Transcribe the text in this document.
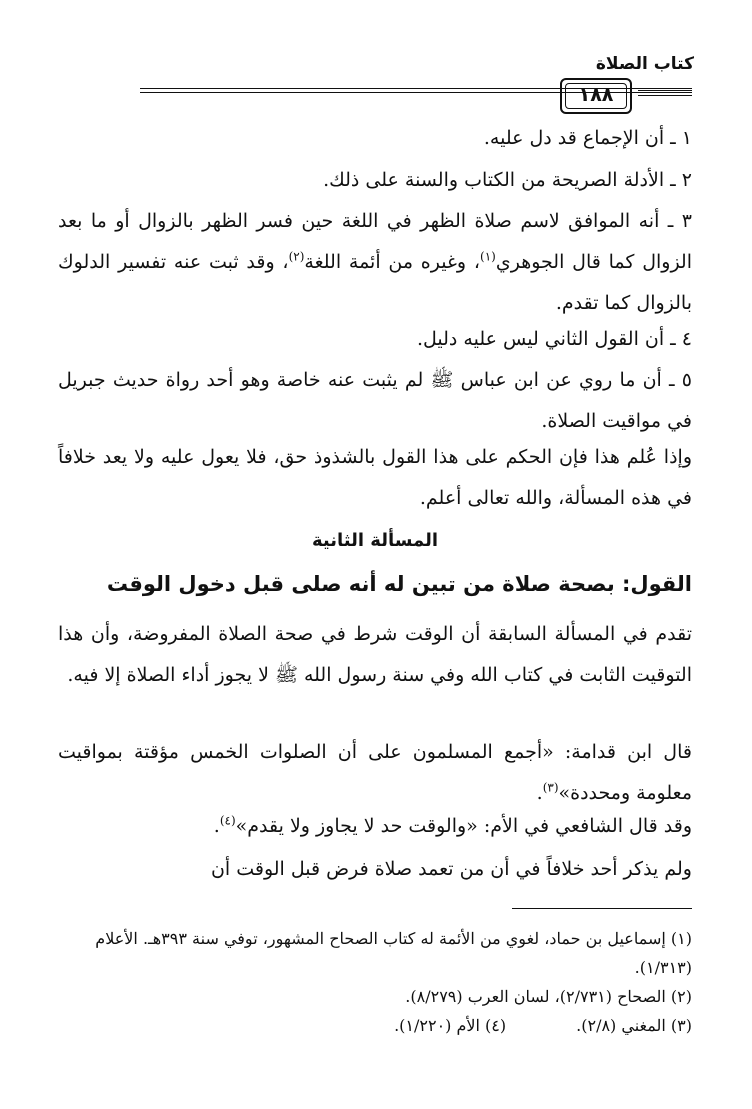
كتاب الصلاة
١٨٨

١ ـ أن الإجماع قد دل عليه.

٢ ـ الأدلة الصريحة من الكتاب والسنة على ذلك.

٣ ـ أنه الموافق لاسم صلاة الظهر في اللغة حين فسر الظهر بالزوال أو ما بعد الزوال كما قال الجوهري$^{(١)}$، وغيره من أئمة اللغة$^{(٢)}$، وقد ثبت عنه تفسير الدلوك بالزوال كما تقدم.

٤ ـ أن القول الثاني ليس عليه دليل.

٥ ـ أن ما روي عن ابن عباس ﷺ لم يثبت عنه خاصة وهو أحد رواة حديث جبريل في مواقيت الصلاة.

وإذا عُلم هذا فإن الحكم على هذا القول بالشذوذ حق، فلا يعول عليه ولا يعد خلافاً في هذه المسألة، والله تعالى أعلم.

المسألة الثانية
القول: بصحة صلاة من تبين له أنه صلى قبل دخول الوقت

تقدم في المسألة السابقة أن الوقت شرط في صحة الصلاة المفروضة، وأن هذا التوقيت الثابت في كتاب الله وفي سنة رسول الله ﷺ لا يجوز أداء الصلاة إلا فيه.

قال ابن قدامة: «أجمع المسلمون على أن الصلوات الخمس مؤقتة بمواقيت معلومة ومحددة»$^{(٣)}$.

وقد قال الشافعي في الأم: «والوقت حد لا يجاوز ولا يقدم»$^{(٤)}$.

ولم يذكر أحد خلافاً في أن من تعمد صلاة فرض قبل الوقت أن

(١) إسماعيل بن حماد، لغوي من الأئمة له كتاب الصحاح المشهور، توفي سنة ٣٩٣هـ. الأعلام (١/٣١٣).

(٢) الصحاح (٢/٧٣١)، لسان العرب (٨/٢٧٩).

(٣) المغني (٢/٨).
(٤) الأم (١/٢٢٠).
